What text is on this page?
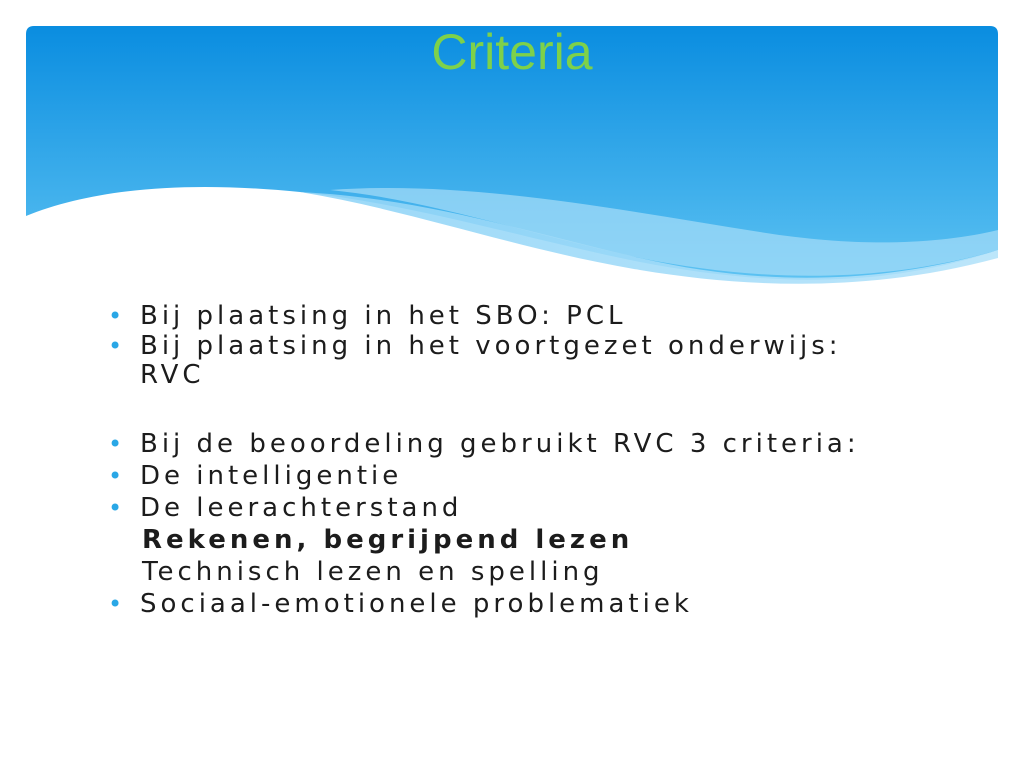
Criteria
• Bij plaatsing in het SBO: PCL
• Bij plaatsing in het voortgezet onderwijs: RVC
• Bij de beoordeling gebruikt RVC 3 criteria:
• De intelligentie
• De leerachterstand
Rekenen, begrijpend lezen
Technisch lezen en spelling
• Sociaal-emotionele problematiek
